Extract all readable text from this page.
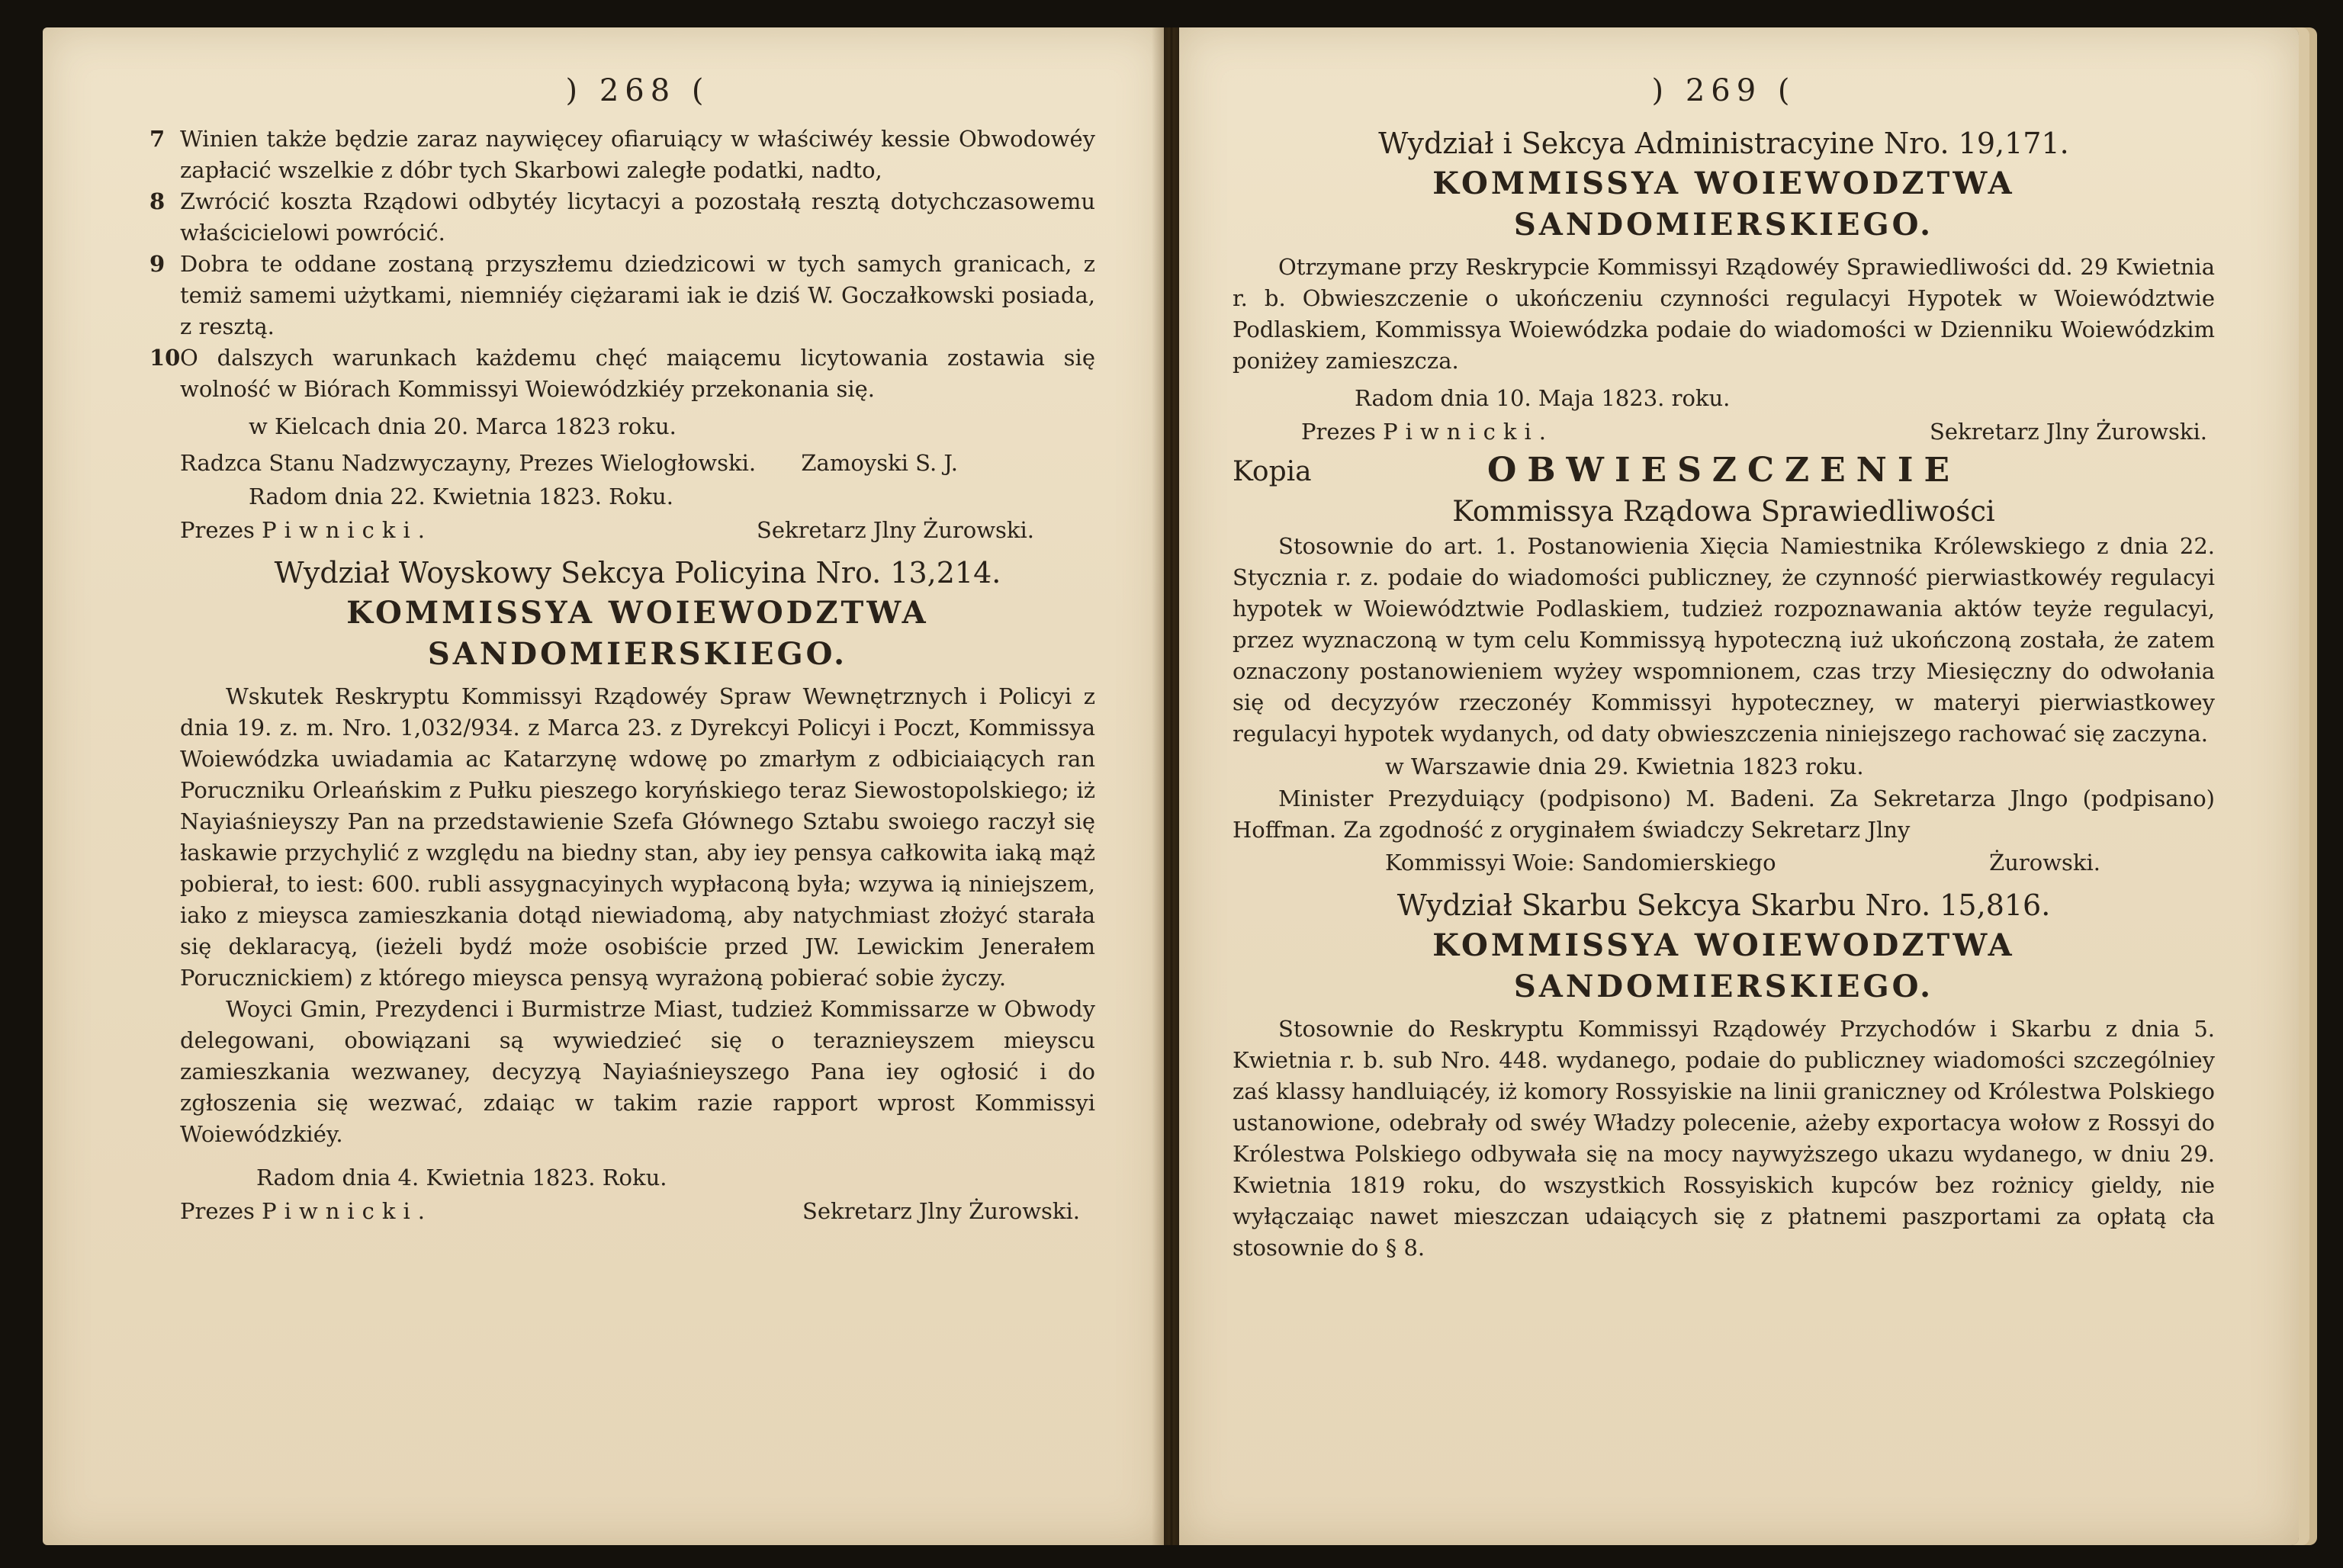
) 268 (
7 Winien także będzie zaraz naywięcey ofiaruiący w właściwéy kessie Obwodowéy zapłacić wszelkie z dóbr tych Skarbowi zaległe podatki, nadto,
8 Zwrócić koszta Rządowi odbytéy licytacyi a pozostałą resztą dotychczasowemu właścicielowi powrócić.
9 Dobra te oddane zostaną przyszłemu dziedzicowi w tych samych granicach, z temiż samemi użytkami, niemniéy ciężarami iak ie dziś W. Goczałkowski posiada, z resztą.
10 O dalszych warunkach każdemu chęć maiącemu licytowania zostawia się wolność w Biórach Kommissyi Woiewódzkiéy przekonania się.
w Kielcach dnia 20. Marca 1823 roku.
Radzca Stanu Nadzwyczayny, Prezes Wielogłowski. Zamoyski S. J.
Radom dnia 22. Kwietnia 1823. Roku.
Prezes Piwnicki.	Sekretarz Jlny Żurowski.
Wydział Woyskowy Sekcya Policyina Nro. 13,214.
KOMMISSYA WOIEWODZTWA SANDOMIERSKIEGO.

Wskutek Reskryptu Kommissyi Rządowéy Spraw Wewnętrznych i Policyi z dnia 19. z. m. Nro. 1,032/934. z Marca 23. z Dyrekcyi Policyi i Poczt, Kommissya Woiewódzka uwiadamia ac Katarzynę wdowę po zmarłym z odbiciaiących ran Poruczniku Orleańskim z Pułku pieszego koryńskiego teraz Siewostopolskiego; iż Nayiaśnieyszy Pan na przedstawienie Szefa Głównego Sztabu swoiego raczył się łaskawie przychylić z względu na biedny stan, aby iey pensya całkowita iaką mąż pobierał, to iest: 600. rubli assygnacyinych wypłaconą była; wzywa ią niniejszem, iako z mieysca zamieszkania dotąd niewiadomą, aby natychmiast złożyć starała się deklaracyą, (ieżeli bydź może osobiście przed JW. Lewickim Jenerałem Porucznickiem) z którego mieysca pensyą wyrażoną pobierać sobie życzy.

Woyci Gmin, Prezydenci i Burmistrze Miast, tudzież Kommissarze w Obwody delegowani, obowiązani są wywiedzieć się o teraznieyszem mieyscu zamieszkania wezwaney, decyzyą Nayiaśnieyszego Pana iey ogłosić i do zgłoszenia się wezwać, zdaiąc w takim razie rapport wprost Kommissyi Woiewódzkiéy.

Radom dnia 4. Kwietnia 1823. Roku.
Prezes Piwnicki.	Sekretarz Jlny Żurowski.
) 269 (
Wydział i Sekcya Administracyine Nro. 19,171.
KOMMISSYA WOIEWODZTWA SANDOMIERSKIEGO.

Otrzymane przy Reskrypcie Kommissyi Rządowéy Sprawiedliwości dd. 29 Kwietnia r. b. Obwieszczenie o ukończeniu czynności regulacyi Hypotek w Woiewództwie Podlaskiem, Kommissya Woiewódzka podaie do wiadomości w Dzienniku Woiewódzkim poniżey zamieszcza.

Radom dnia 10. Maja 1823. roku.
Prezes Piwnicki.	Sekretarz Jlny Żurowski.
Kopia	OBWIESZCZENIE
Kommissya Rządowa Sprawiedliwości

Stosownie do art. 1. Postanowienia Xięcia Namiestnika Królewskiego z dnia 22. Stycznia r. z. podaie do wiadomości publiczney, że czynność pierwiastkowéy regulacyi hypotek w Woiewództwie Podlaskiem, tudzież rozpoznawania aktów teyże regulacyi, przez wyznaczoną w tym celu Kommissyą hypoteczną iuż ukończoną została, że zatem oznaczony postanowieniem wyżey wspomnionem, czas trzy Miesięczny do odwołania się od decyzyów rzeczonéy Kommissyi hypoteczney, w materyi pierwiastkowey regulacyi hypotek wydanych, od daty obwieszczenia niniejszego rachować się zaczyna.

w Warszawie dnia 29. Kwietnia 1823 roku.

Minister Prezyduiący (podpisono) M. Badeni. Za Sekretarza Jlngo (podpisano) Hoffman. Za zgodność z oryginałem świadczy Sekretarz Jlny

Kommissyi Woie: Sandomierskiego	Żurowski.
Wydział Skarbu Sekcya Skarbu Nro. 15,816.
KOMMISSYA WOIEWODZTWA SANDOMIERSKIEGO.

Stosownie do Reskryptu Kommissyi Rządowéy Przychodów i Skarbu z dnia 5. Kwietnia r. b. sub Nro. 448. wydanego, podaie do publiczney wiadomości szczególniey zaś klassy handluiącéy, iż komory Rossyiskie na linii graniczney od Królestwa Polskiego ustanowione, odebrały od swéy Władzy polecenie, ażeby exportacya wołow z Rossyi do Królestwa Polskiego odbywała się na mocy naywyższego ukazu wydanego, w dniu 29. Kwietnia 1819 roku, do wszystkich Rossyiskich kupców bez rożnicy gieldy, nie wyłączaiąc nawet mieszczan udaiących się z płatnemi paszportami za opłatą cła stosownie do § 8.
